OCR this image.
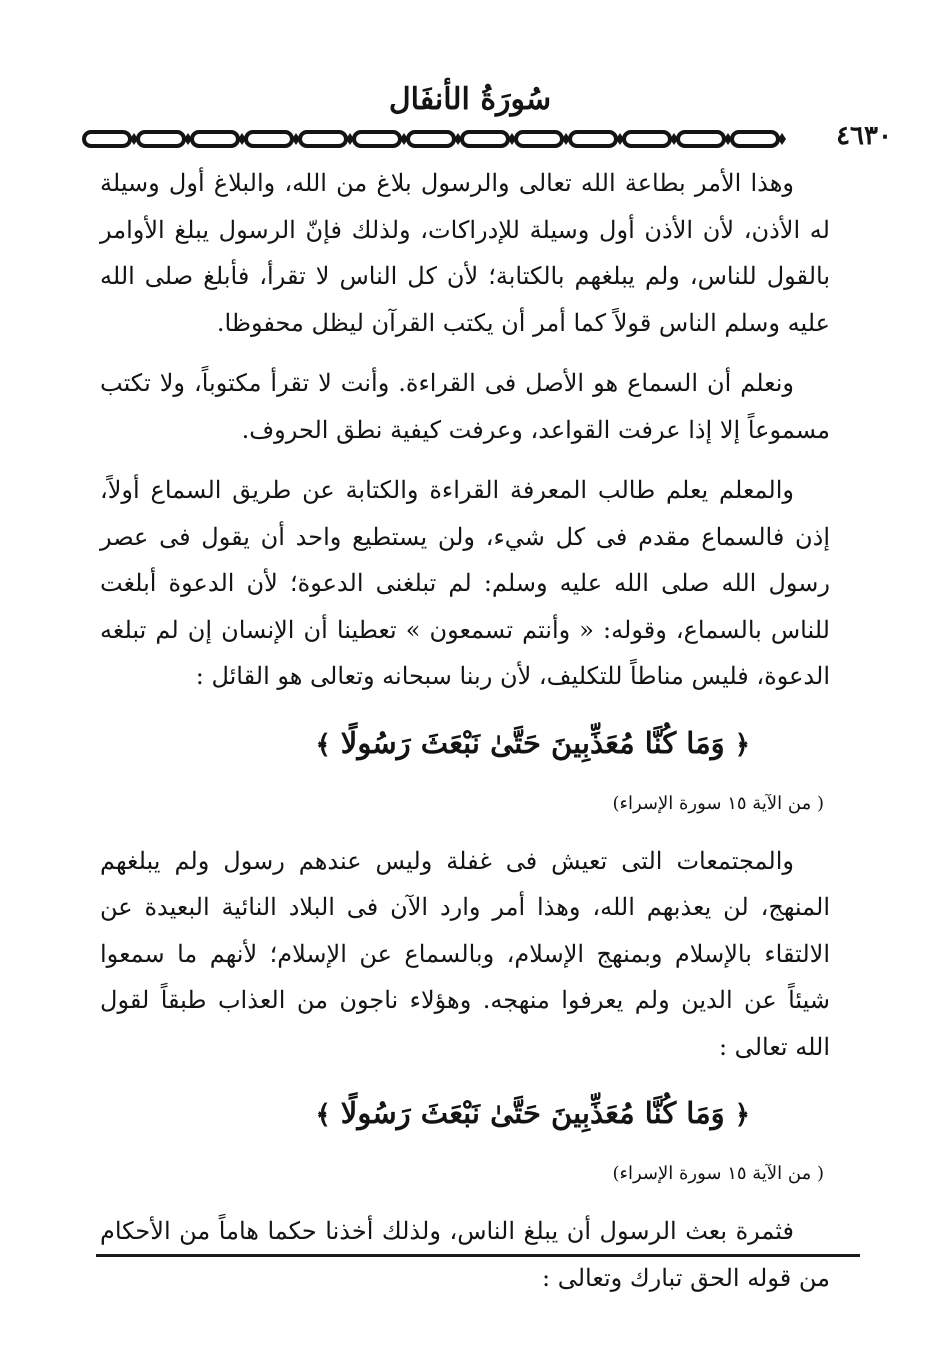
سُورَةُ الأنفَال
٤٦٣٠

وهذا الأمر بطاعة الله تعالى والرسول بلاغ من الله، والبلاغ أول وسيلة له الأذن، لأن الأذن أول وسيلة للإدراكات، ولذلك فإنّ الرسول يبلغ الأوامر بالقول للناس، ولم يبلغهم بالكتابة؛ لأن كل الناس لا تقرأ، فأبلغ صلى الله عليه وسلم الناس قولاً كما أمر أن يكتب القرآن ليظل محفوظا.

ونعلم أن السماع هو الأصل فى القراءة. وأنت لا تقرأ مكتوباً، ولا تكتب مسموعاً إلا إذا عرفت القواعد، وعرفت كيفية نطق الحروف.

والمعلم يعلم طالب المعرفة القراءة والكتابة عن طريق السماع أولاً، إذن فالسماع مقدم فى كل شيء، ولن يستطيع واحد أن يقول فى عصر رسول الله صلى الله عليه وسلم: لم تبلغنى الدعوة؛ لأن الدعوة أبلغت للناس بالسماع، وقوله: « وأنتم تسمعون » تعطينا أن الإنسان إن لم تبلغه الدعوة، فليس مناطاً للتكليف، لأن ربنا سبحانه وتعالى هو القائل :

﴿ وَمَا كُنَّا مُعَذِّبِينَ حَتَّىٰ نَبْعَثَ رَسُولًا ﴾
( من الآية ١٥ سورة الإسراء)

والمجتمعات التى تعيش فى غفلة وليس عندهم رسول ولم يبلغهم المنهج، لن يعذبهم الله، وهذا أمر وارد الآن فى البلاد النائية البعيدة عن الالتقاء بالإسلام وبمنهج الإسلام، وبالسماع عن الإسلام؛ لأنهم ما سمعوا شيئاً عن الدين ولم يعرفوا منهجه. وهؤلاء ناجون من العذاب طبقاً لقول الله تعالى :

﴿ وَمَا كُنَّا مُعَذِّبِينَ حَتَّىٰ نَبْعَثَ رَسُولًا ﴾
( من الآية ١٥ سورة الإسراء)

فثمرة بعث الرسول أن يبلغ الناس، ولذلك أخذنا حكما هاماً من الأحكام من قوله الحق تبارك وتعالى :
